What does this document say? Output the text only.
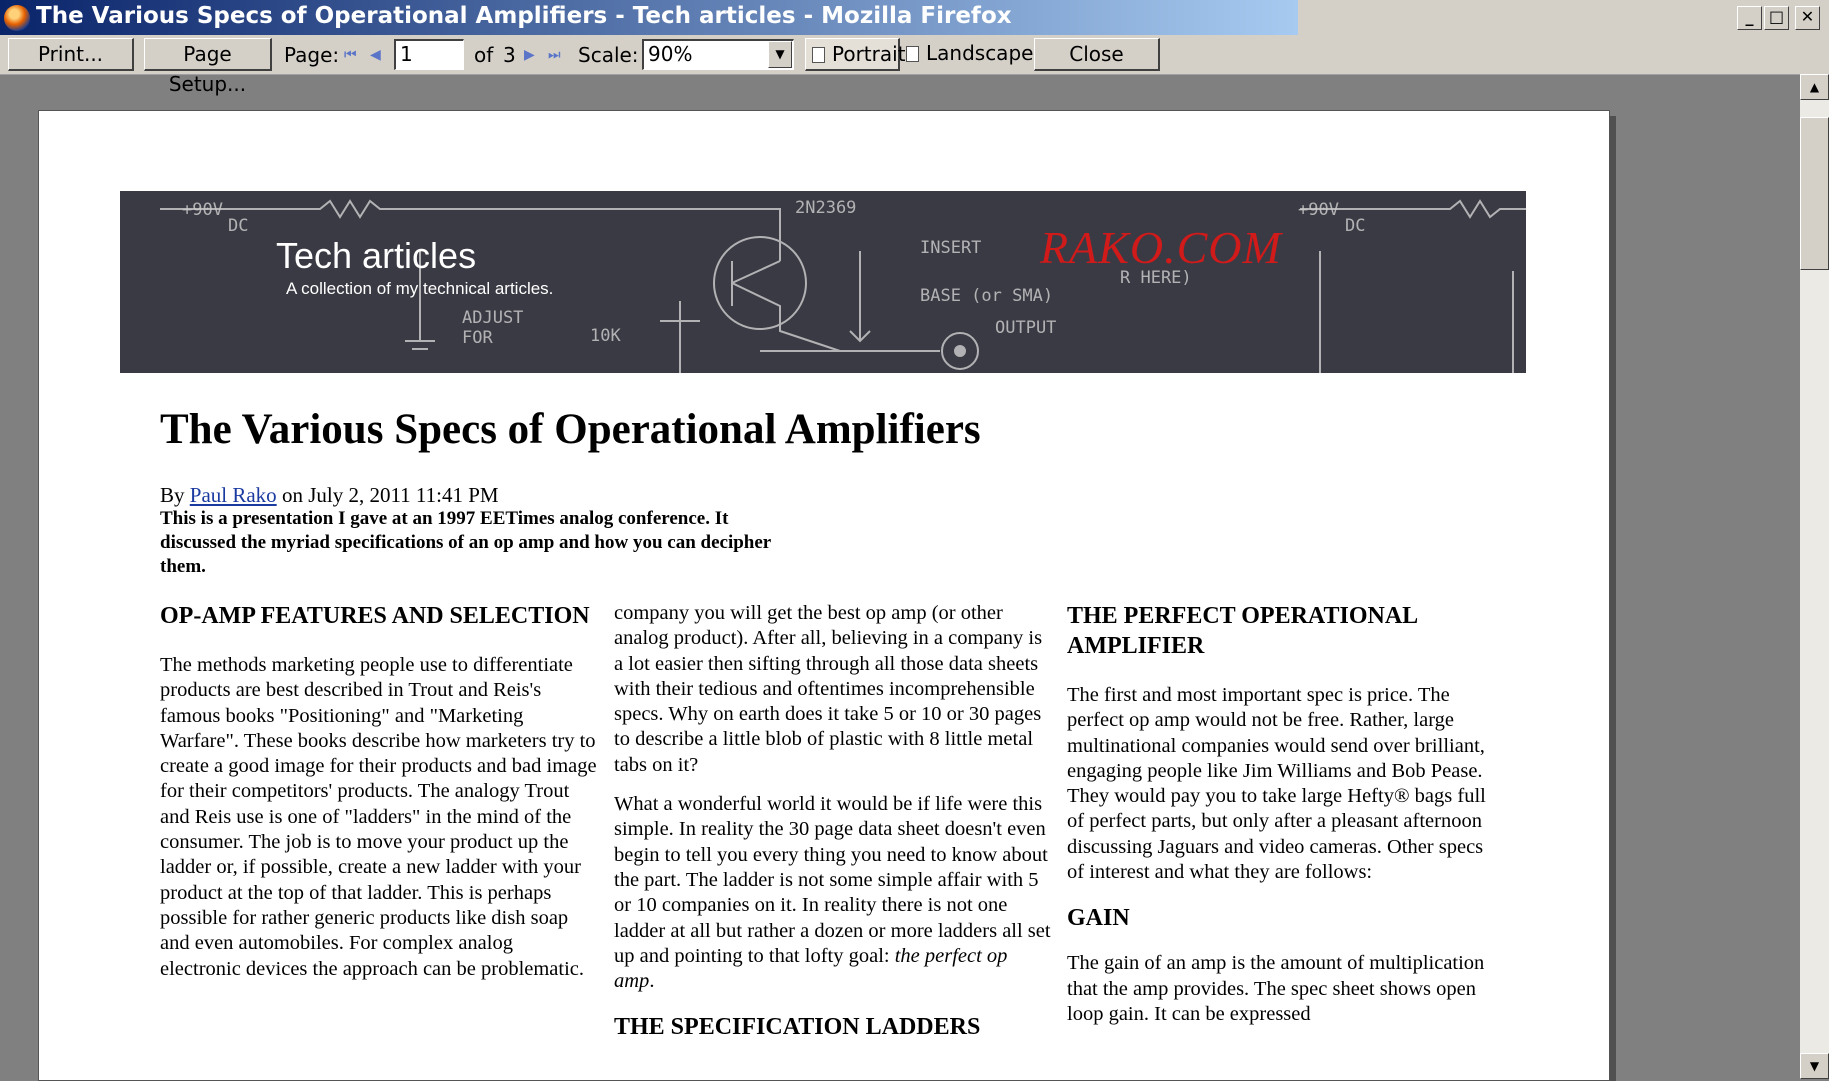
The Various Specs of Operational Amplifiers - Tech articles - Mozilla Firefox	_ □	✕
Print...	Page Setup...
Page: ⏮ ◀ 1	of 3 ▶ ⏭ Scale: 90%	▼	Portrait	Landscape	Close
▲
▼
+90V
DC
2N2369
INSERT
R HERE)
BASE (or SMA)
OUTPUT
ADJUST
FOR	10K
+90V
DC
Tech articles
A collection of my technical articles.
RAKO.COM
The Various Specs of Operational Amplifiers
By Paul Rako on July 2, 2011 11:41 PM
This is a presentation I gave at an 1997 EETimes analog conference. It discussed the myriad specifications of an op amp and how you can decipher them.
OP-AMP FEATURES AND SELECTION

The methods marketing people use to differentiate products are best described in Trout and Reis's famous books "Positioning" and "Marketing Warfare". These books describe how marketers try to create a good image for their products and bad image for their competitors' products. The analogy Trout and Reis use is one of "ladders" in the mind of the consumer. The job is to move your product up the ladder or, if possible, create a new ladder with your product at the top of that ladder. This is perhaps possible for rather generic products like dish soap and even automobiles. For complex analog electronic devices the approach can be problematic.

company you will get the best op amp (or other analog product). After all, believing in a company is a lot easier then sifting through all those data sheets with their tedious and oftentimes incomprehensible specs. Why on earth does it take 5 or 10 or 30 pages to describe a little blob of plastic with 8 little metal tabs on it?

What a wonderful world it would be if life were this simple. In reality the 30 page data sheet doesn't even begin to tell you every thing you need to know about the part. The ladder is not some simple affair with 5 or 10 companies on it. In reality there is not one ladder at all but rather a dozen or more ladders all set up and pointing to that lofty goal: the perfect op amp.

THE SPECIFICATION LADDERS
THE PERFECT OPERATIONAL AMPLIFIER

The first and most important spec is price. The perfect op amp would not be free. Rather, large multinational companies would send over brilliant, engaging people like Jim Williams and Bob Pease. They would pay you to take large Hefty® bags full of perfect parts, but only after a pleasant afternoon discussing Jaguars and video cameras. Other specs of interest and what they are follows:

GAIN

The gain of an amp is the amount of multiplication that the amp provides. The spec sheet shows open loop gain. It can be expressed
